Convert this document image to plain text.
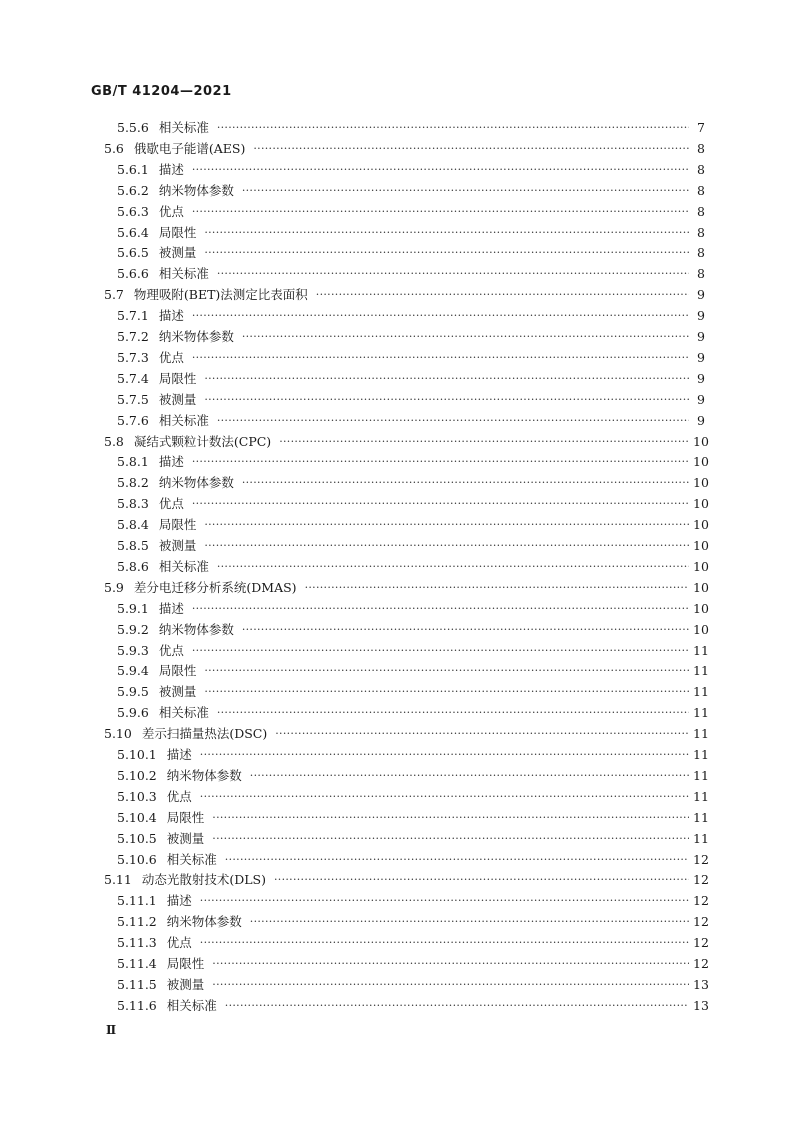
GB/T 41204—2021
5.5.6 相关标准 ·····	7
5.6 俄歇电子能谱(AES) ·····	8
5.6.1 描述 ·····	8
5.6.2 纳米物体参数 ·····	8
5.6.3 优点 ·····	8
5.6.4 局限性 ·····	8
5.6.5 被测量 ·····	8
5.6.6 相关标准 ·····	8
5.7 物理吸附(BET)法测定比表面积 ·····	9
5.7.1 描述 ·····	9
5.7.2 纳米物体参数 ·····	9
5.7.3 优点 ·····	9
5.7.4 局限性 ·····	9
5.7.5 被测量 ·····	9
5.7.6 相关标准 ·····	9
5.8 凝结式颗粒计数法(CPC) ·····	10
5.8.1 描述 ·····	10
5.8.2 纳米物体参数 ·····	10
5.8.3 优点 ·····	10
5.8.4 局限性 ·····	10
5.8.5 被测量 ·····	10
5.8.6 相关标准 ·····	10
5.9 差分电迁移分析系统(DMAS) ·····	10
5.9.1 描述 ·····	10
5.9.2 纳米物体参数 ·····	10
5.9.3 优点 ·····	11
5.9.4 局限性 ·····	11
5.9.5 被测量 ·····	11
5.9.6 相关标准 ·····	11
5.10 差示扫描量热法(DSC) ·····	11
5.10.1 描述 ·····	11
5.10.2 纳米物体参数 ·····	11
5.10.3 优点 ·····	11
5.10.4 局限性 ·····	11
5.10.5 被测量 ·····	11
5.10.6 相关标准 ·····	12
5.11 动态光散射技术(DLS) ·····	12
5.11.1 描述 ·····	12
5.11.2 纳米物体参数 ·····	12
5.11.3 优点 ·····	12
5.11.4 局限性 ·····	12
5.11.5 被测量 ·····	13
5.11.6 相关标准 ·····	13
Ⅱ
